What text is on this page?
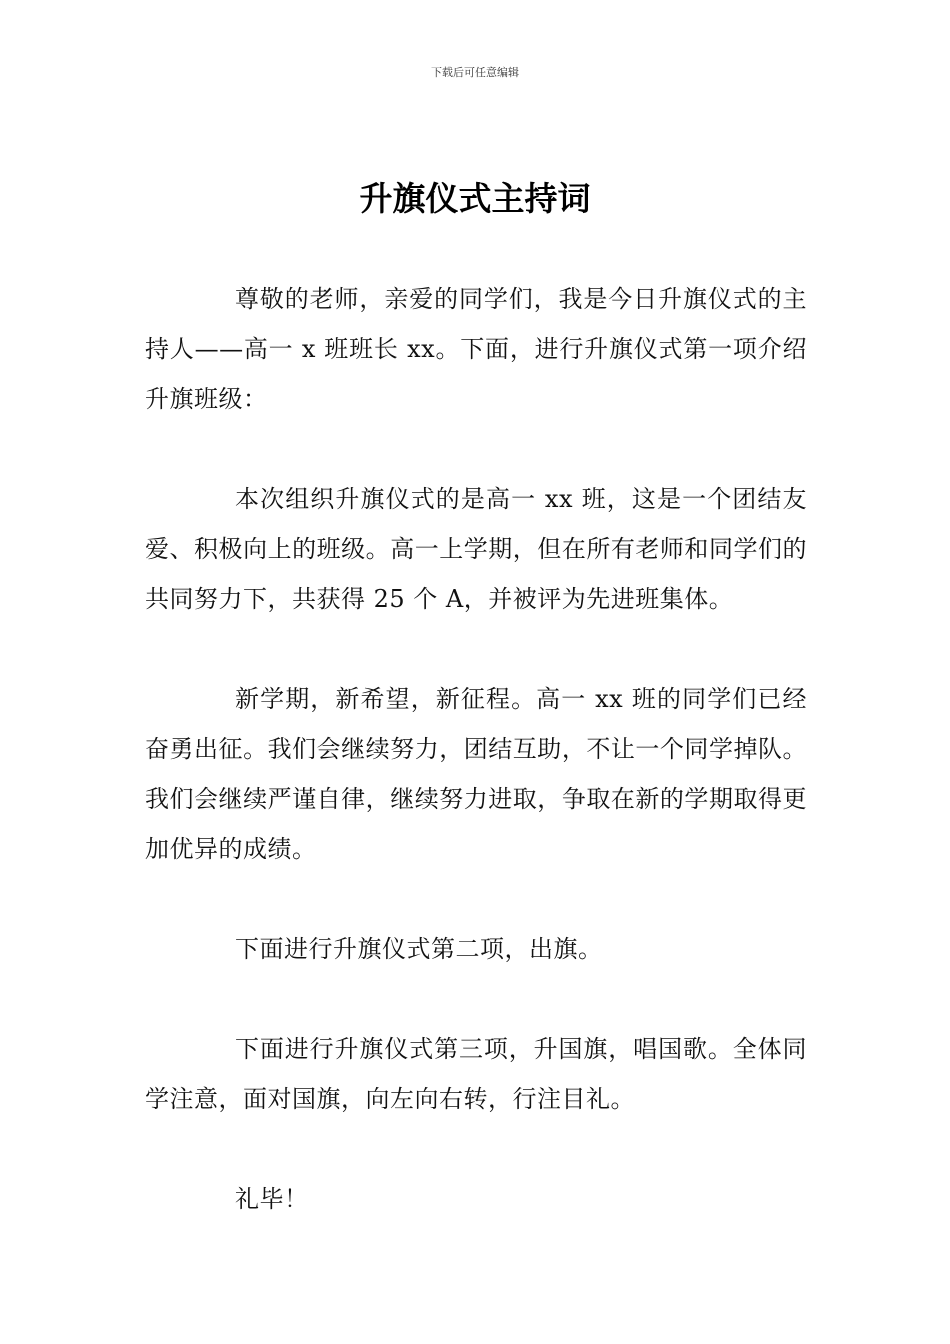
下载后可任意编辑
升旗仪式主持词

尊敬的老师，亲爱的同学们，我是今日升旗仪式的主持人——高一 x 班班长 xx。下面，进行升旗仪式第一项介绍升旗班级：

本次组织升旗仪式的是高一 xx 班，这是一个团结友爱、积极向上的班级。高一上学期，但在所有老师和同学们的共同努力下，共获得 25 个 A，并被评为先进班集体。

新学期，新希望，新征程。高一 xx 班的同学们已经奋勇出征。我们会继续努力，团结互助，不让一个同学掉队。我们会继续严谨自律，继续努力进取，争取在新的学期取得更加优异的成绩。

下面进行升旗仪式第二项，出旗。

下面进行升旗仪式第三项，升国旗，唱国歌。全体同学注意，面对国旗，向左向右转，行注目礼。

礼毕！
